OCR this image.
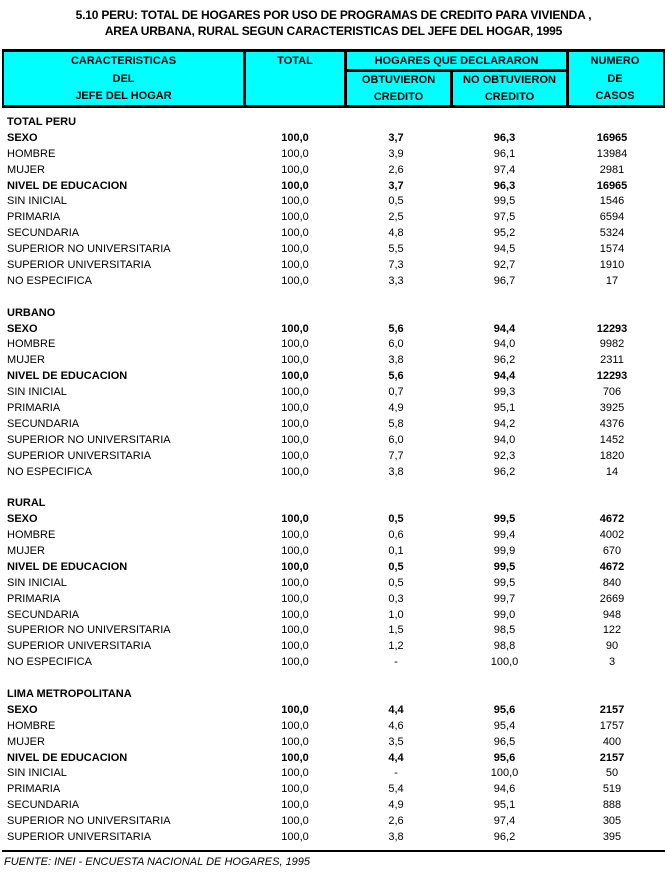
5.10 PERU: TOTAL DE HOGARES POR USO DE PROGRAMAS DE CREDITO PARA VIVIENDA ,
AREA URBANA, RURAL SEGUN CARACTERISTICAS DEL JEFE DEL HOGAR, 1995
CARACTERISTICAS
DEL
JEFE DEL HOGAR
TOTAL	HOGARES QUE DECLARARON
OBTUVIERON
CREDITO
NO OBTUVIERON
CREDITO
NUMERO
DE
CASOS
TOTAL PERU
SEXO	100,0	3,7	96,3	16965
HOMBRE	100,0	3,9	96,1	13984
MUJER	100,0	2,6	97,4	2981
NIVEL DE EDUCACION	100,0	3,7	96,3	16965
SIN INICIAL	100,0	0,5	99,5	1546
PRIMARIA	100,0	2,5	97,5	6594
SECUNDARIA	100,0	4,8	95,2	5324
SUPERIOR NO UNIVERSITARIA	100,0	5,5	94,5	1574
SUPERIOR UNIVERSITARIA	100,0	7,3	92,7	1910
NO ESPECIFICA	100,0	3,3	96,7	17
URBANO
SEXO	100,0	5,6	94,4	12293
HOMBRE	100,0	6,0	94,0	9982
MUJER	100,0	3,8	96,2	2311
NIVEL DE EDUCACION	100,0	5,6	94,4	12293
SIN INICIAL	100,0	0,7	99,3	706
PRIMARIA	100,0	4,9	95,1	3925
SECUNDARIA	100,0	5,8	94,2	4376
SUPERIOR NO UNIVERSITARIA	100,0	6,0	94,0	1452
SUPERIOR UNIVERSITARIA	100,0	7,7	92,3	1820
NO ESPECIFICA	100,0	3,8	96,2	14
RURAL
SEXO	100,0	0,5	99,5	4672
HOMBRE	100,0	0,6	99,4	4002
MUJER	100,0	0,1	99,9	670
NIVEL DE EDUCACION	100,0	0,5	99,5	4672
SIN INICIAL	100,0	0,5	99,5	840
PRIMARIA	100,0	0,3	99,7	2669
SECUNDARIA	100,0	1,0	99,0	948
SUPERIOR NO UNIVERSITARIA	100,0	1,5	98,5	122
SUPERIOR UNIVERSITARIA	100,0	1,2	98,8	90
NO ESPECIFICA	100,0	-	100,0	3
LIMA METROPOLITANA
SEXO	100,0	4,4	95,6	2157
HOMBRE	100,0	4,6	95,4	1757
MUJER	100,0	3,5	96,5	400
NIVEL DE EDUCACION	100,0	4,4	95,6	2157
SIN INICIAL	100,0	-	100,0	50
PRIMARIA	100,0	5,4	94,6	519
SECUNDARIA	100,0	4,9	95,1	888
SUPERIOR NO UNIVERSITARIA	100,0	2,6	97,4	305
SUPERIOR UNIVERSITARIA	100,0	3,8	96,2	395
FUENTE: INEI - ENCUESTA NACIONAL DE HOGARES, 1995
